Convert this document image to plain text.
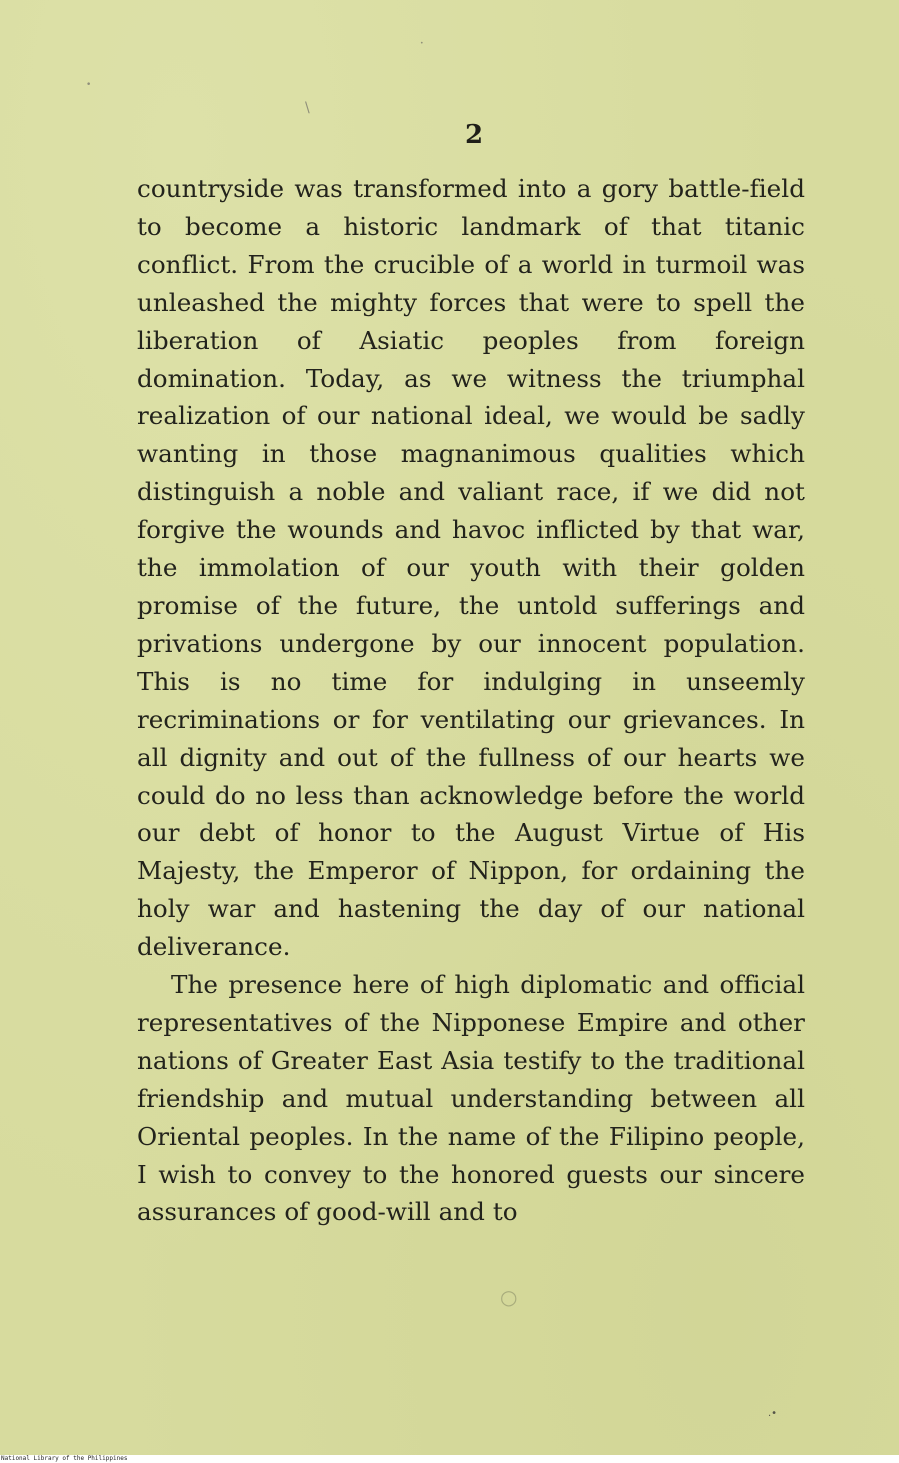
•
\
•
○
.•
2

countryside was transformed into a gory battle-field to become a historic landmark of that titanic conflict. From the crucible of a world in turmoil was unleashed the mighty forces that were to spell the liberation of Asiatic peoples from foreign domination. Today, as we witness the triumphal realization of our national ideal, we would be sadly wanting in those magnanimous qualities which distinguish a noble and valiant race, if we did not forgive the wounds and havoc inflicted by that war, the immolation of our youth with their golden promise of the future, the untold sufferings and privations undergone by our innocent population. This is no time for indulging in unseemly recriminations or for ventilating our grievances. In all dignity and out of the fullness of our hearts we could do no less than acknowledge before the world our debt of honor to the August Virtue of His Majesty, the Emperor of Nippon, for ordaining the holy war and hastening the day of our national deliverance.

The presence here of high diplomatic and official representatives of the Nipponese Empire and other nations of Greater East Asia testify to the traditional friendship and mutual understanding between all Oriental peoples. In the name of the Filipino people, I wish to convey to the honored guests our sincere assurances of good-will and to

National Library of the Philippines
